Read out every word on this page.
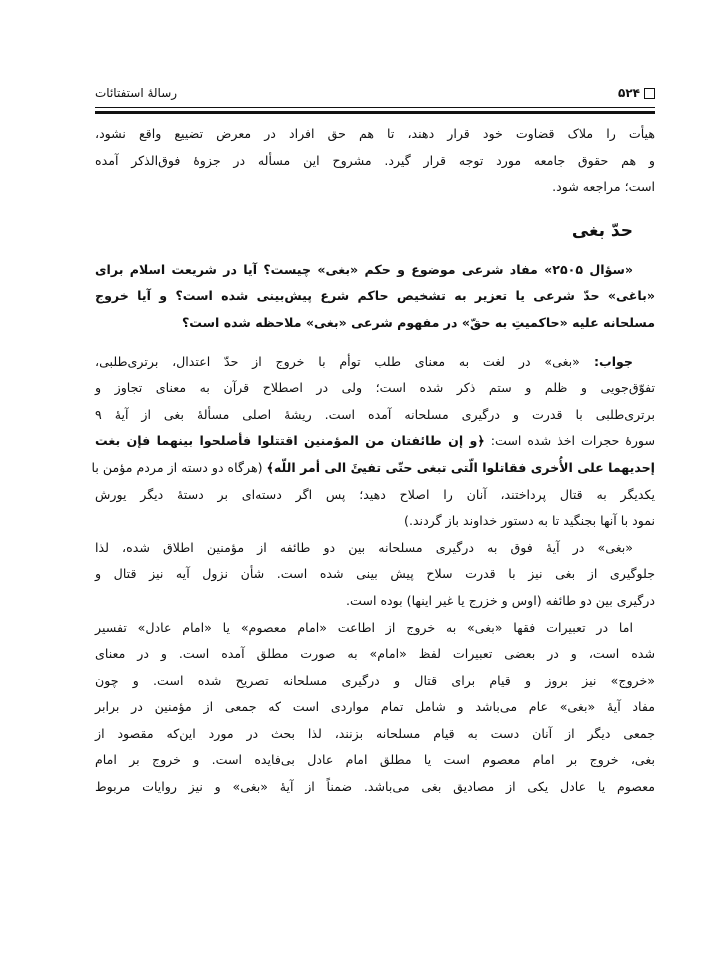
۵۲۴
رسالهٔ استفتائات
هیأت را ملاک قضاوت خود قرار دهند، تا هم حق افراد در معرض تضییع واقع نشود،
و هم حقوق جامعه مورد توجه قرار گیرد. مشروح این مسأله در جزوهٔ فوق‌الذکر آمده
است؛ مراجعه شود.
حدّ بغی
«سؤال ۲۵۰۵» مفاد شرعی موضوع و حکم «بغی» چیست؟ آیا در شریعت اسلام برای
«باغی» حدّ شرعی یا تعزیر به تشخیص حاکم شرع پیش‌بینی شده است؟ و آیا خروج
مسلحانه علیه «حاکمیتِ به حقّ» در مفهوم شرعی «بغی» ملاحظه شده است؟
جواب: «بغی» در لغت به معنای طلب توأم با خروج از حدّ اعتدال، برتری‌طلبی،
تفوّق‌جویی و ظلم و ستم ذکر شده است؛ ولی در اصطلاح قرآن به معنای تجاوز و
برتری‌طلبی با قدرت و درگیری مسلحانه آمده است. ریشهٔ اصلی مسألهٔ بغی از آیهٔ ۹
سورهٔ حجرات اخذ شده است: ﴿و إن طائفتان من المؤمنین اقتتلوا فأصلحوا بینهما فإن بغت
إحدیهما علی الأُخری فقاتلوا الّتی تبغی حتّی تفیئَ الی أمر اللّه﴾ (هرگاه دو دسته از مردم مؤمن با
یکدیگر به قتال پرداختند، آنان را اصلاح دهید؛ پس اگر دسته‌ای بر دستهٔ دیگر یورش
نمود با آنها بجنگید تا به دستور خداوند باز گردند.)
«بغی» در آیهٔ فوق به درگیری مسلحانه بین دو طائفه از مؤمنین اطلاق شده، لذا
جلوگیری از بغی نیز با قدرت سلاح پیش بینی شده است. شأن نزول آیه نیز قتال و
درگیری بین دو طائفه (اوس و خزرج یا غیر اینها) بوده است.
اما در تعبیرات فقها «بغی» به خروج از اطاعت «امام معصوم» یا «امام عادل» تفسیر
شده است، و در بعضی تعبیرات لفظ «امام» به صورت مطلق آمده است. و در معنای
«خروج» نیز بروز و قیام برای قتال و درگیری مسلحانه تصریح شده است. و چون
مفاد آیهٔ «بغی» عام می‌باشد و شامل تمام مواردی است که جمعی از مؤمنین در برابر
جمعی دیگر از آنان دست به قیام مسلحانه بزنند، لذا بحث در مورد این‌که مقصود از
بغی، خروج بر امام معصوم است یا مطلق امام عادل بی‌فایده است. و خروج بر امام
معصوم یا عادل یکی از مصادیق بغی می‌باشد. ضمناً از آیهٔ «بغی» و نیز روایات مربوط
